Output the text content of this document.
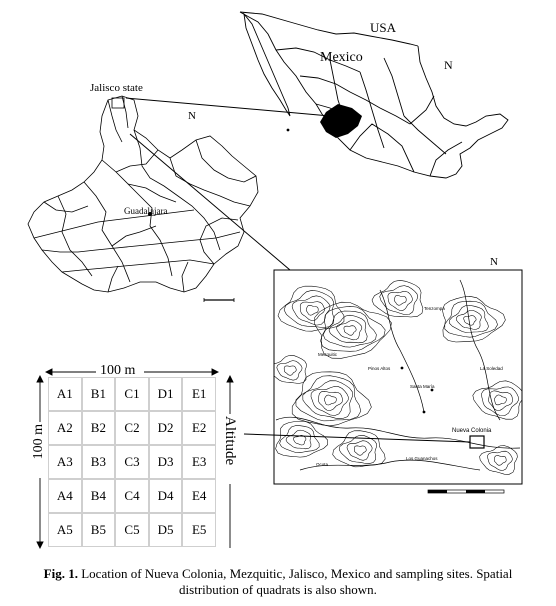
USA
Mexico	N
Jalisco state
N
Guadalajara
N
Mezquitic
Pinos Altos
Santa María
Nueva Colonia
Los Guanachos
Tenzompa
La Soledad
Ocota
100 m
100 m	Altitude
A1	B1	C1	D1	E1
A2	B2	C2	D2	E2
A3	B3	C3	D3	E3
A4	B4	C4	D4	E4
A5	B5	C5	D5	E5
Fig. 1. Location of Nueva Colonia, Mezquitic, Jalisco, Mexico and sampling sites. Spatial
distribution of quadrats is also shown.
